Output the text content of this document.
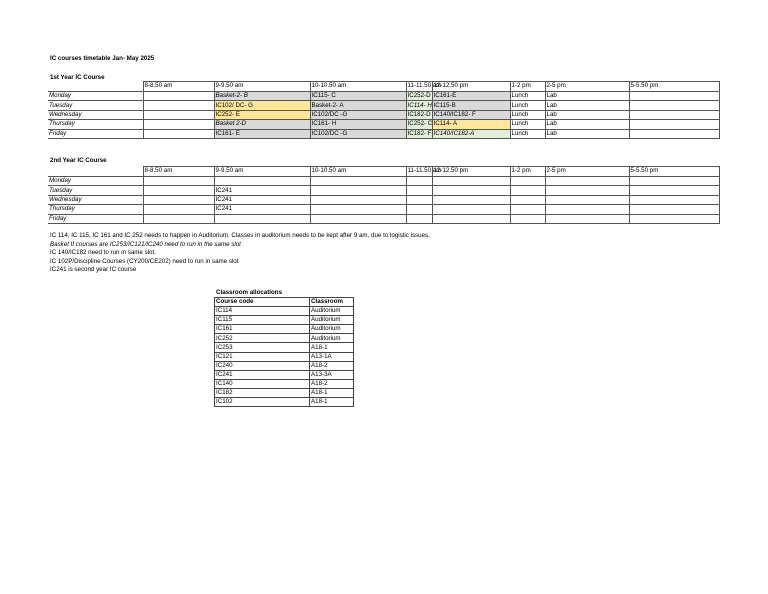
IC courses timetable Jan- May 2025
1st Year IC Course
	8-8.50 am	9-9.50 am	10-10.50 am	11-11.50 am	12-12.50 pm	1-2 pm	2-5 pm	5-5.50 pm
Monday		Basket-2- B	IC115- C	IC252-D	IC161-E	Lunch	Lab	
Tuesday		IC102/ DC- G	Basket-2- A	IC114- H	IC115-B	Lunch	Lab	
Wednesday		IC252- E	IC102/DC -G	IC182-D	IC140/IC182- F	Lunch	Lab	
Thursday		Basket 2-D	IC161- H	IC252- C	IC114- A	Lunch	Lab	
Friday		IC161- E	IC102/DC -G	IC182- F	IC140/IC182-A	Lunch	Lab	
2nd Year IC Course
	8-8.50 am	9-9.50 am	10-10.50 am	11-11.50 am	12-12.50 pm	1-2 pm	2-5 pm	5-5.50 pm
Monday								
Tuesday		IC241						
Wednesday		IC241						
Thursday		IC241						
Friday								
IC 114, IC 115, IC 161 and IC 252 needs to happen in Auditorium. Classes in auditorium needs to be kept after 9 am, due to logistic issues.
Basket II courses are IC253/IC121/IC240 need to run in the same slot
IC 140/IC182 need to run in same slot.
IC 102P/Discipline Courses (CY200/CE202) need to run in same slot
IC241 is second year IC course
Classroom allocations
Course code	Classroom
IC114	Auditorium
IC115	Auditorium
IC161	Auditorium
IC252	Auditorium
IC253	A18-1
IC121	A13-1A
IC240	A18-2
IC241	A13-3A
IC140	A18-2
IC182	A18-1
IC102	A18-1
